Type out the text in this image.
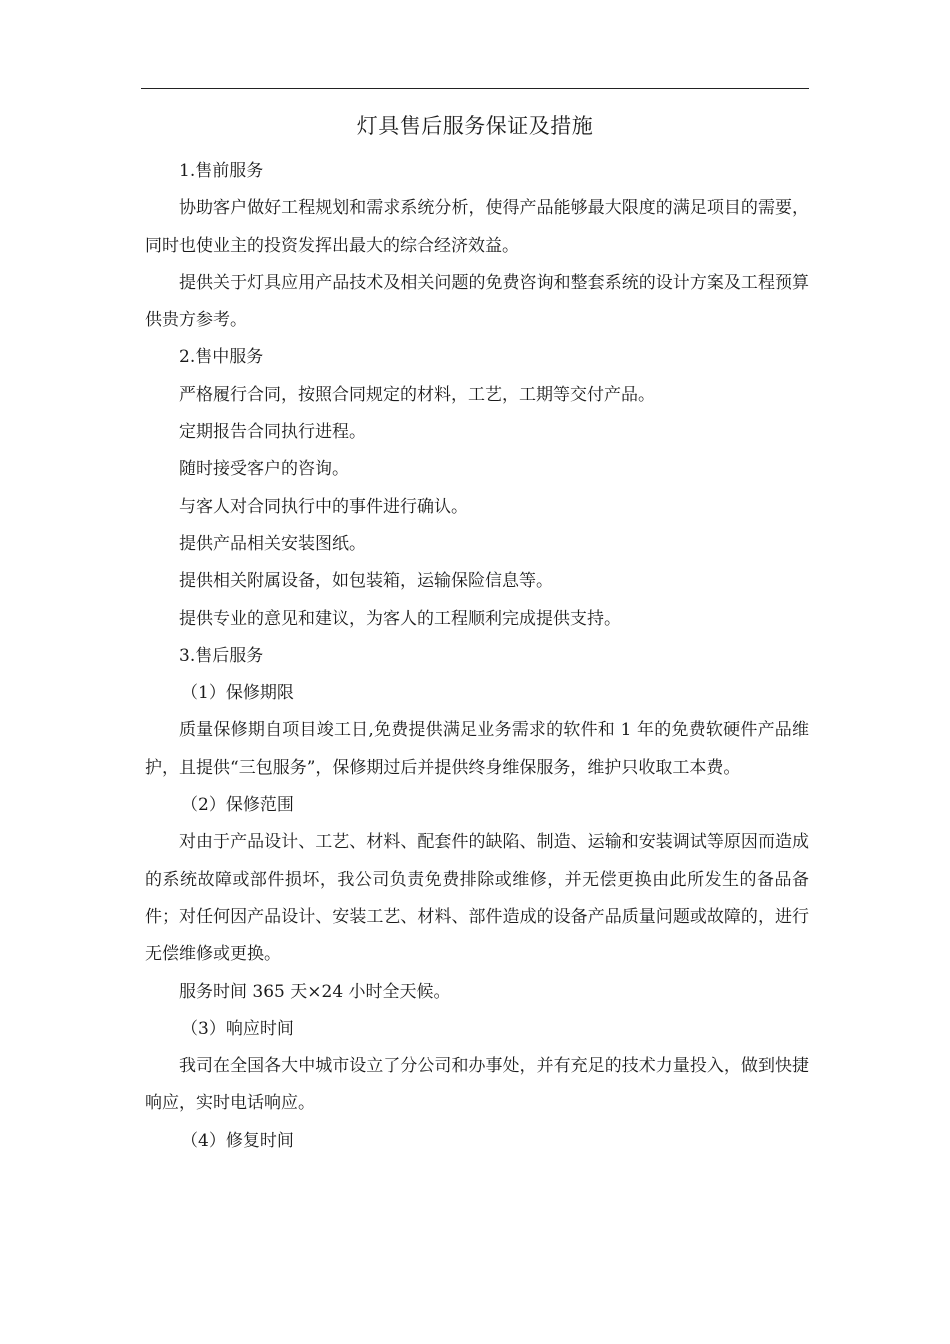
灯具售后服务保证及措施

1.售前服务

协助客户做好工程规划和需求系统分析，使得产品能够最大限度的满足项目的需要，同时也使业主的投资发挥出最大的综合经济效益。

提供关于灯具应用产品技术及相关问题的免费咨询和整套系统的设计方案及工程预算供贵方参考。

2.售中服务

严格履行合同，按照合同规定的材料，工艺，工期等交付产品。

定期报告合同执行进程。

随时接受客户的咨询。

与客人对合同执行中的事件进行确认。

提供产品相关安装图纸。

提供相关附属设备，如包装箱，运输保险信息等。

提供专业的意见和建议，为客人的工程顺利完成提供支持。

3.售后服务

（1）保修期限

质量保修期自项目竣工日,免费提供满足业务需求的软件和 1 年的免费软硬件产品维护，且提供“三包服务”，保修期过后并提供终身维保服务，维护只收取工本费。

（2）保修范围

对由于产品设计、工艺、材料、配套件的缺陷、制造、运输和安装调试等原因而造成的系统故障或部件损坏，我公司负责免费排除或维修，并无偿更换由此所发生的备品备件；对任何因产品设计、安装工艺、材料、部件造成的设备产品质量问题或故障的，进行无偿维修或更换。

服务时间 365 天×24 小时全天候。

（3）响应时间

我司在全国各大中城市设立了分公司和办事处，并有充足的技术力量投入，做到快捷响应，实时电话响应。

（4）修复时间
